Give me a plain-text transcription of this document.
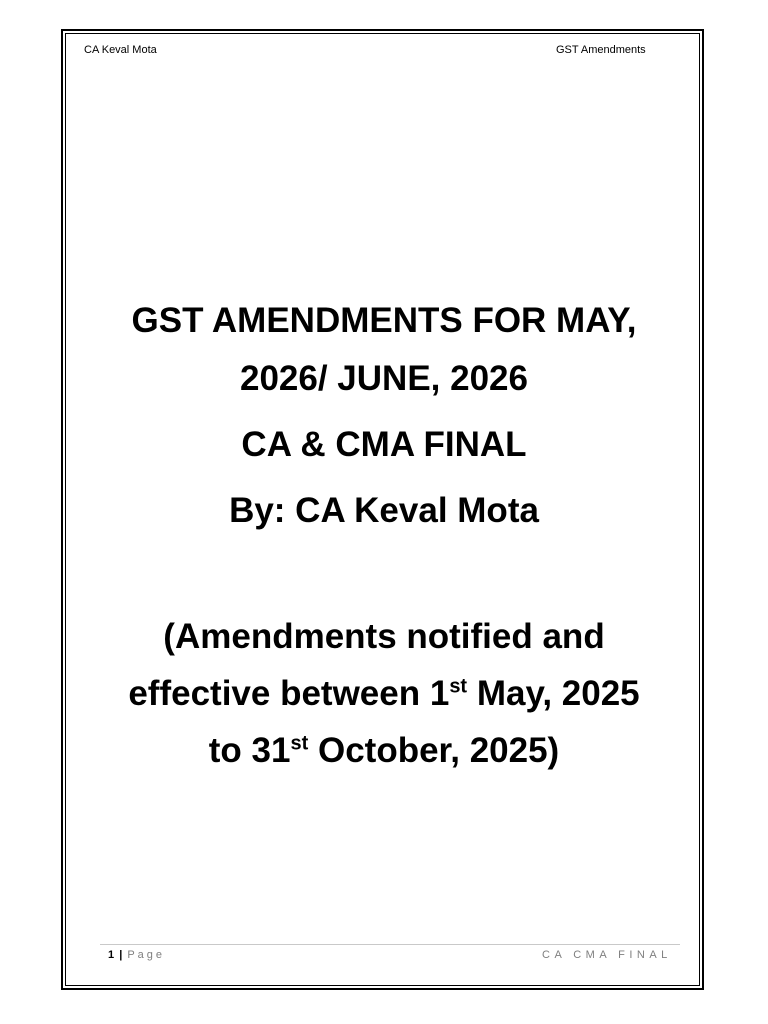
CA Keval Mota	GST Amendments

GST AMENDMENTS FOR MAY,

2026/ JUNE, 2026

CA & CMA FINAL

By: CA Keval Mota

(Amendments notified and

effective between 1st May, 2025

to 31st October, 2025)

1 | Page	CA CMA FINAL
